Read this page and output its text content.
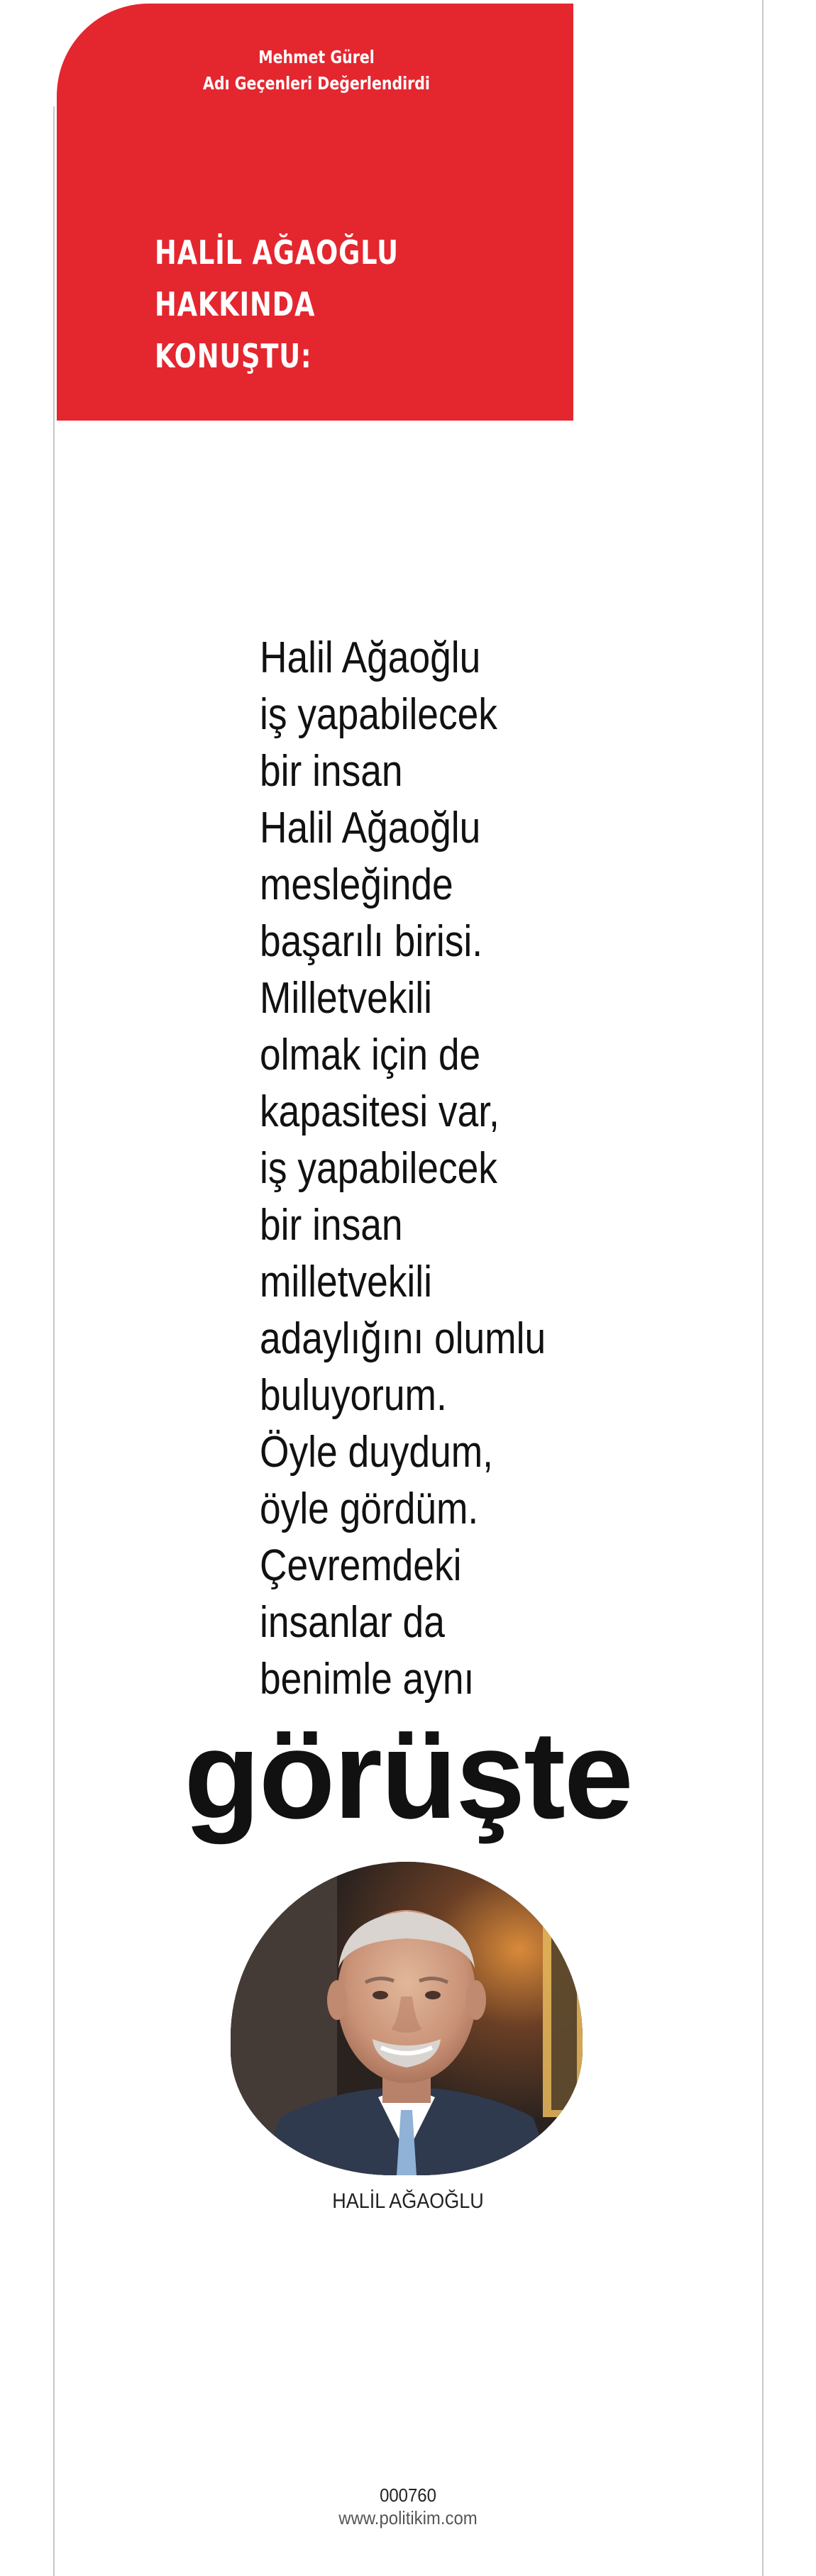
Mehmet Gürel
Adı Geçenleri Değerlendirdi
HALİL AĞAOĞLU
HAKKINDA
KONUŞTU:
Halil Ağaoğlu
iş yapabilecek
bir insan
Halil Ağaoğlu
mesleğinde
başarılı birisi.
Milletvekili
olmak için de
kapasitesi var,
iş yapabilecek
bir insan
milletvekili
adaylığını olumlu
buluyorum.
Öyle duydum,
öyle gördüm.
Çevremdeki
insanlar da
benimle aynı
görüşte
HALİL AĞAOĞLU
000760
www.politikim.com
